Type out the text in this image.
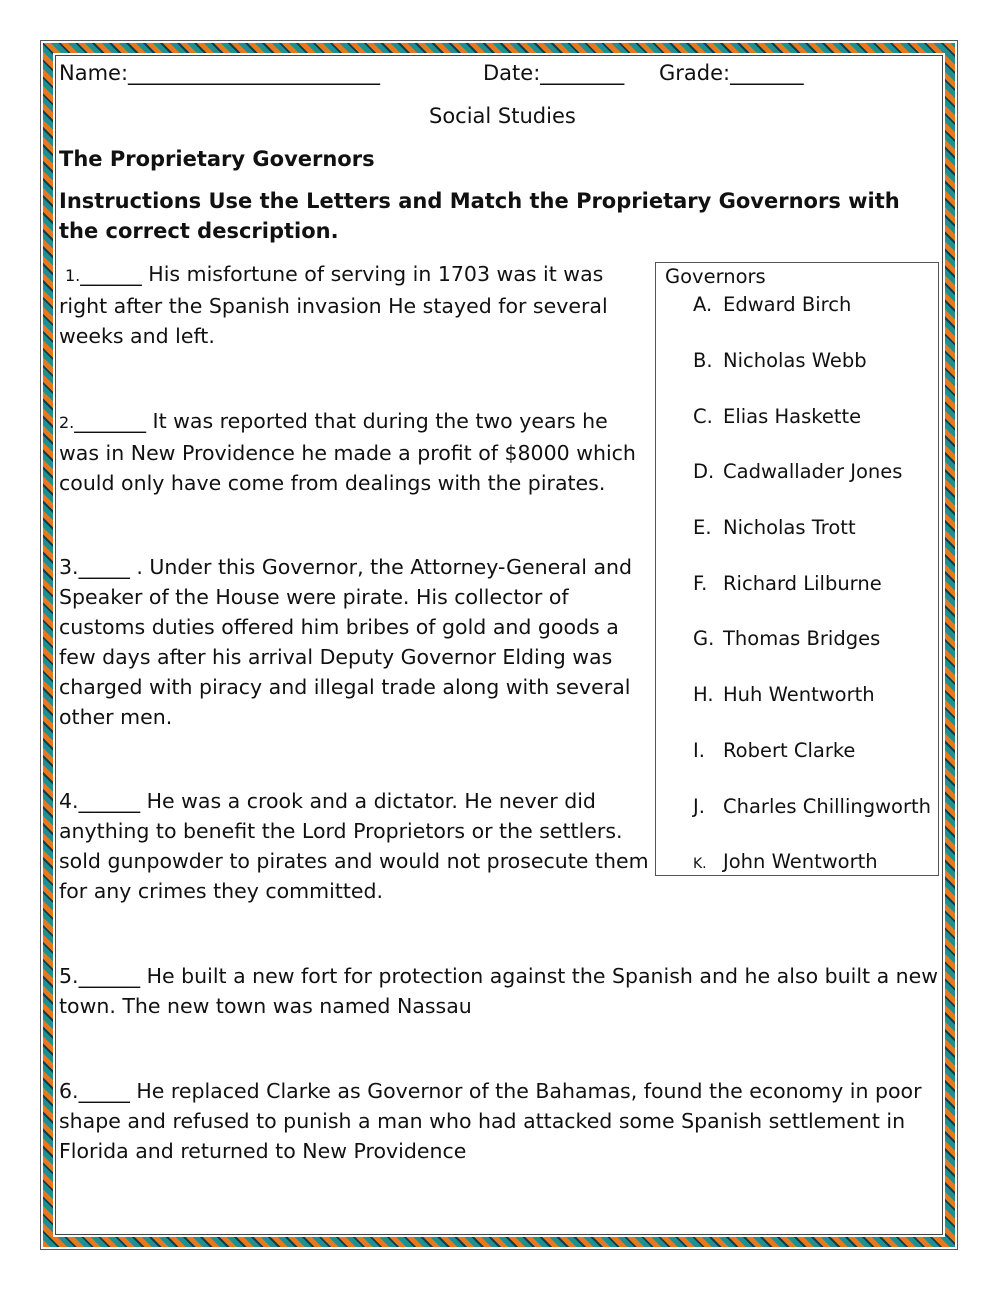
Name:________________________	Date:________ Grade:_______
Social Studies
The Proprietary Governors
Instructions Use the Letters and Match the Proprietary Governors with the correct description.
1.______ His misfortune of serving in 1703 was it was
right after the Spanish invasion He stayed for several
weeks and left.
2._______ It was reported that during the two years he
was in New Providence he made a profit of $8000 which
could only have come from dealings with the pirates.
3._____ . Under this Governor, the Attorney-General and
Speaker of the House were pirate. His collector of
customs duties offered him bribes of gold and goods a
few days after his arrival Deputy Governor Elding was
charged with piracy and illegal trade along with several
other men.
4.______ He was a crook and a dictator. He never did
anything to benefit the Lord Proprietors or the settlers.
sold gunpowder to pirates and would not prosecute them
for any crimes they committed.
5.______ He built a new fort for protection against the Spanish and he also built a new
town. The new town was named Nassau
6._____ He replaced Clarke as Governor of the Bahamas, found the economy in poor
shape and refused to punish a man who had attacked some Spanish settlement in
Florida and returned to New Providence
Governors
A. Edward Birch
B. Nicholas Webb
C. Elias Haskette
D. Cadwallader Jones
E. Nicholas Trott
F. Richard Lilburne
G. Thomas Bridges
H. Huh Wentworth
I. Robert Clarke
J. Charles Chillingworth
K. John Wentworth
